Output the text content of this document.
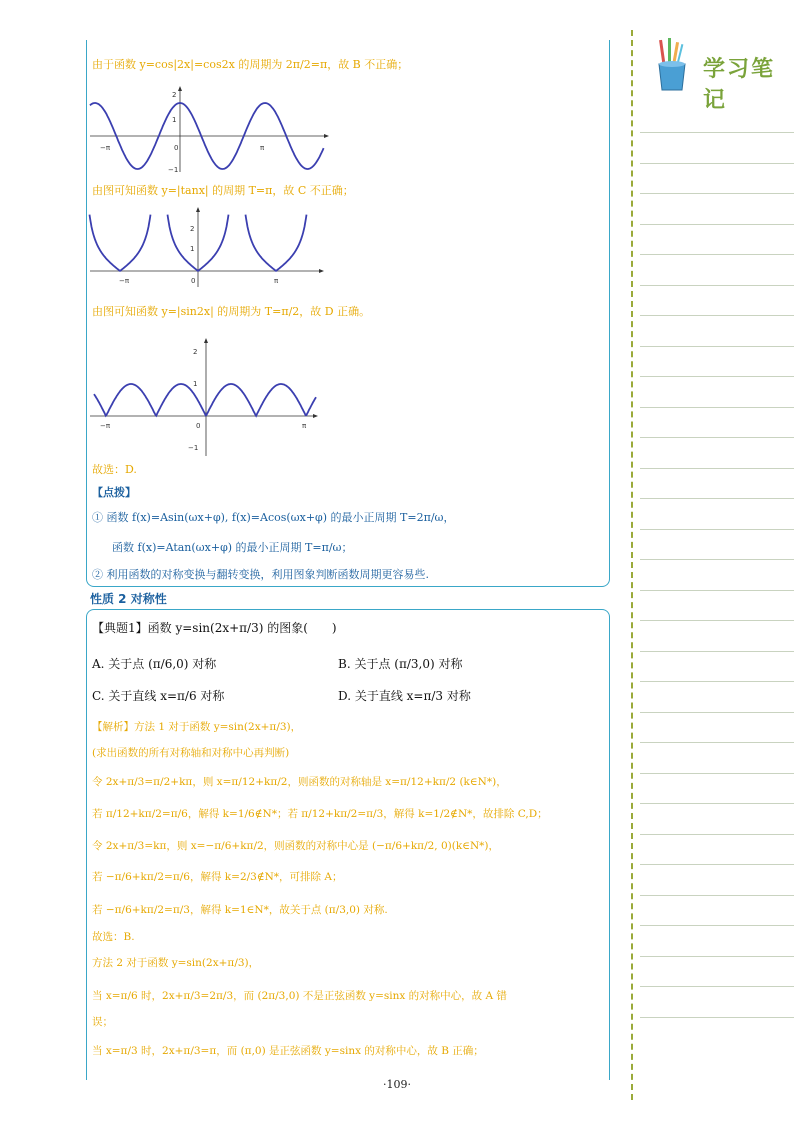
学习笔记
由于函数 y=cos|2x|=cos2x 的周期为 2π/2=π，故 B 不正确；
2
1
−1
−π	0	π
由图可知函数 y=|tanx| 的周期 T=π，故 C 不正确；
2
1
−π	0	π
由图可知函数 y=|sin2x| 的周期为 T=π/2，故 D 正确。
2
1
−1
−π	0	π
故选：D.
【点拨】
① 函数 f(x)=Asin(ωx+φ), f(x)=Acos(ωx+φ) 的最小正周期 T=2π/ω，
函数 f(x)=Atan(ωx+φ) 的最小正周期 T=π/ω；
② 利用函数的对称变换与翻转变换，利用图象判断函数周期更容易些.
性质 2 对称性
【典题1】函数 y=sin(2x+π/3) 的图象(　　)
A. 关于点 (π/6,0) 对称	B. 关于点 (π/3,0) 对称
C. 关于直线 x=π/6 对称	D. 关于直线 x=π/3 对称
【解析】方法 1 对于函数 y=sin(2x+π/3)，
(求出函数的所有对称轴和对称中心再判断)
令 2x+π/3=π/2+kπ，则 x=π/12+kπ/2，则函数的对称轴是 x=π/12+kπ/2 (k∈N*)，
若 π/12+kπ/2=π/6，解得 k=1/6∉N*；若 π/12+kπ/2=π/3，解得 k=1/2∉N*，故排除 C,D；
令 2x+π/3=kπ，则 x=−π/6+kπ/2，则函数的对称中心是 (−π/6+kπ/2, 0)(k∈N*)，
若 −π/6+kπ/2=π/6，解得 k=2/3∉N*，可排除 A；
若 −π/6+kπ/2=π/3，解得 k=1∈N*，故关于点 (π/3,0) 对称.
故选：B.
方法 2 对于函数 y=sin(2x+π/3)，
当 x=π/6 时，2x+π/3=2π/3，而 (2π/3,0) 不是正弦函数 y=sinx 的对称中心，故 A 错
误；
当 x=π/3 时，2x+π/3=π，而 (π,0) 是正弦函数 y=sinx 的对称中心，故 B 正确；
·109·
